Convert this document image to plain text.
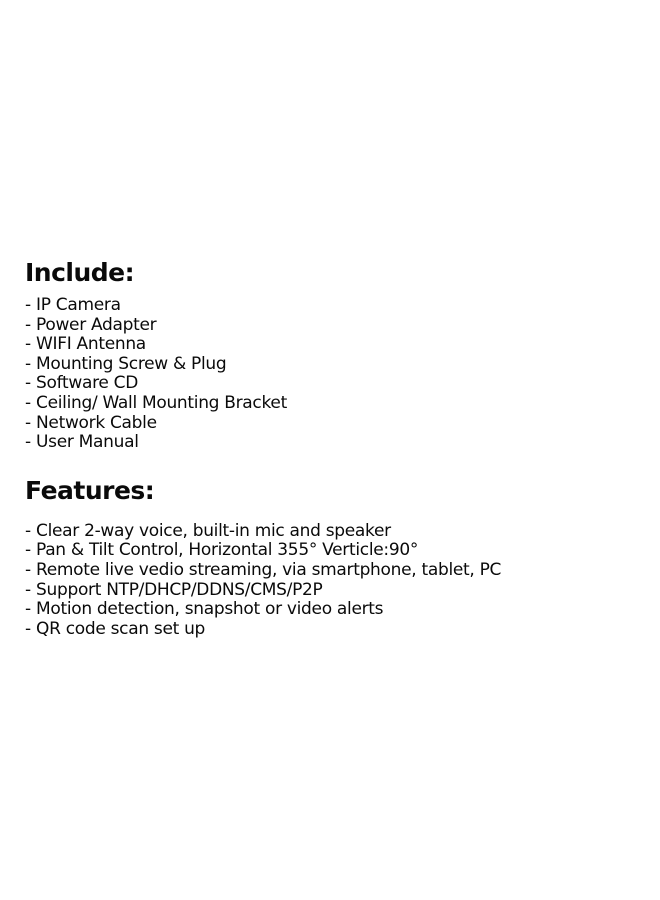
Include:
- IP Camera
- Power Adapter
- WIFI Antenna
- Mounting Screw & Plug
- Software CD
- Ceiling/ Wall Mounting Bracket
- Network Cable
- User Manual
Features:
- Clear 2-way voice, built-in mic and speaker
- Pan & Tilt Control, Horizontal 355° Verticle:90°
- Remote live vedio streaming, via smartphone, tablet, PC
- Support NTP/DHCP/DDNS/CMS/P2P
- Motion detection, snapshot or video alerts
- QR code scan set up
